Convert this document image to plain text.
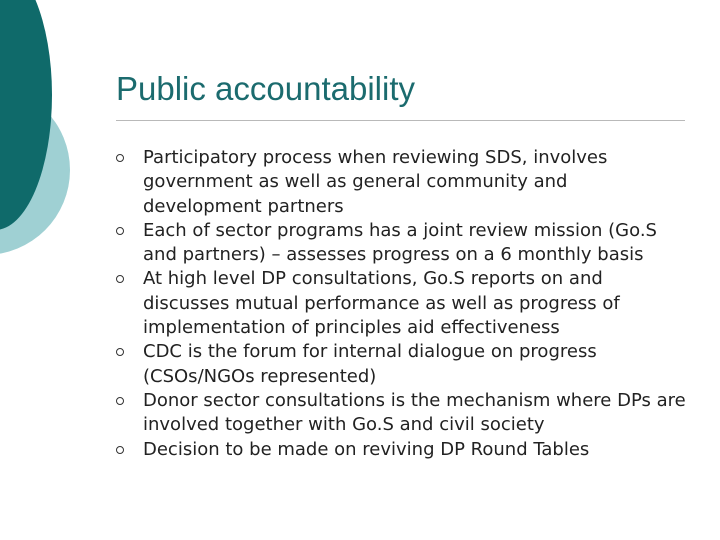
Public accountability
Participatory process when reviewing SDS, involves government as well as general community and development partners
Each of sector programs has a joint review mission (Go.S and partners) – assesses progress on a 6 monthly basis
At high level DP consultations, Go.S reports on and discusses mutual performance as well as progress of implementation of principles aid effectiveness
CDC is the forum for internal dialogue on progress (CSOs/NGOs represented)
Donor sector consultations is the mechanism where DPs are involved together with Go.S and civil society
Decision to be made on reviving DP Round Tables
